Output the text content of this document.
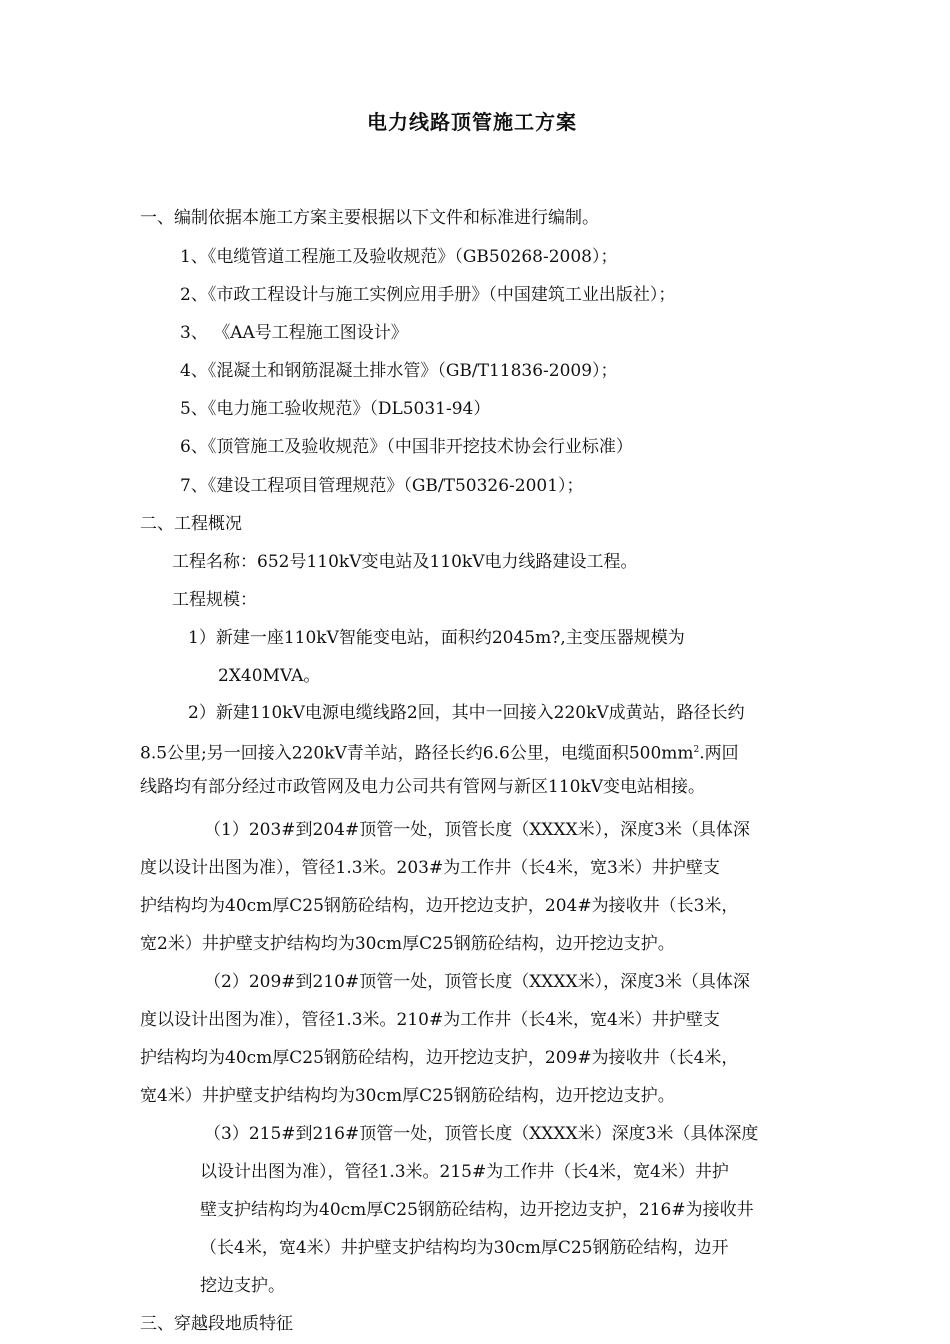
电力线路顶管施工方案
一、编制依据本施工方案主要根据以下文件和标准进行编制。
1、《电缆管道工程施工及验收规范》（GB50268-2008）；
2、《市政工程设计与施工实例应用手册》（中国建筑工业出版社）；
3、 《AA号工程施工图设计》
4、《混凝土和钢筋混凝土排水管》（GB/T11836-2009）；
5、《电力施工验收规范》（DL5031-94）
6、《顶管施工及验收规范》（中国非开挖技术协会行业标准）
7、《建设工程项目管理规范》（GB/T50326-2001）；
二、工程概况
工程名称：652号110kV变电站及110kV电力线路建设工程。
工程规模：
1）新建一座110kV智能变电站，面积约2045m?,主变压器规模为
2X40MVA。
2）新建110kV电源电缆线路2回，其中一回接入220kV成黄站，路径长约
8.5公里;另一回接入220kV青羊站，路径长约6.6公里，电缆面积$500mm^2$.两回
线路均有部分经过市政管网及电力公司共有管网与新区110kV变电站相接。
（1）203#到204#顶管一处，顶管长度（XXXX米），深度3米（具体深
度以设计出图为准），管径1.3米。203#为工作井（长4米，宽3米）井护壁支
护结构均为40cm厚C25钢筋砼结构，边开挖边支护，204#为接收井（长3米，
宽2米）井护壁支护结构均为30cm厚C25钢筋砼结构，边开挖边支护。
（2）209#到210#顶管一处，顶管长度（XXXX米），深度3米（具体深
度以设计出图为准），管径1.3米。210#为工作井（长4米，宽4米）井护壁支
护结构均为40cm厚C25钢筋砼结构，边开挖边支护，209#为接收井（长4米，
宽4米）井护壁支护结构均为30cm厚C25钢筋砼结构，边开挖边支护。
（3）215#到216#顶管一处，顶管长度（XXXX米）深度3米（具体深度
以设计出图为准），管径1.3米。215#为工作井（长4米，宽4米）井护
壁支护结构均为40cm厚C25钢筋砼结构，边开挖边支护，216#为接收井
（长4米，宽4米）井护壁支护结构均为30cm厚C25钢筋砼结构，边开
挖边支护。
三、穿越段地质特征
